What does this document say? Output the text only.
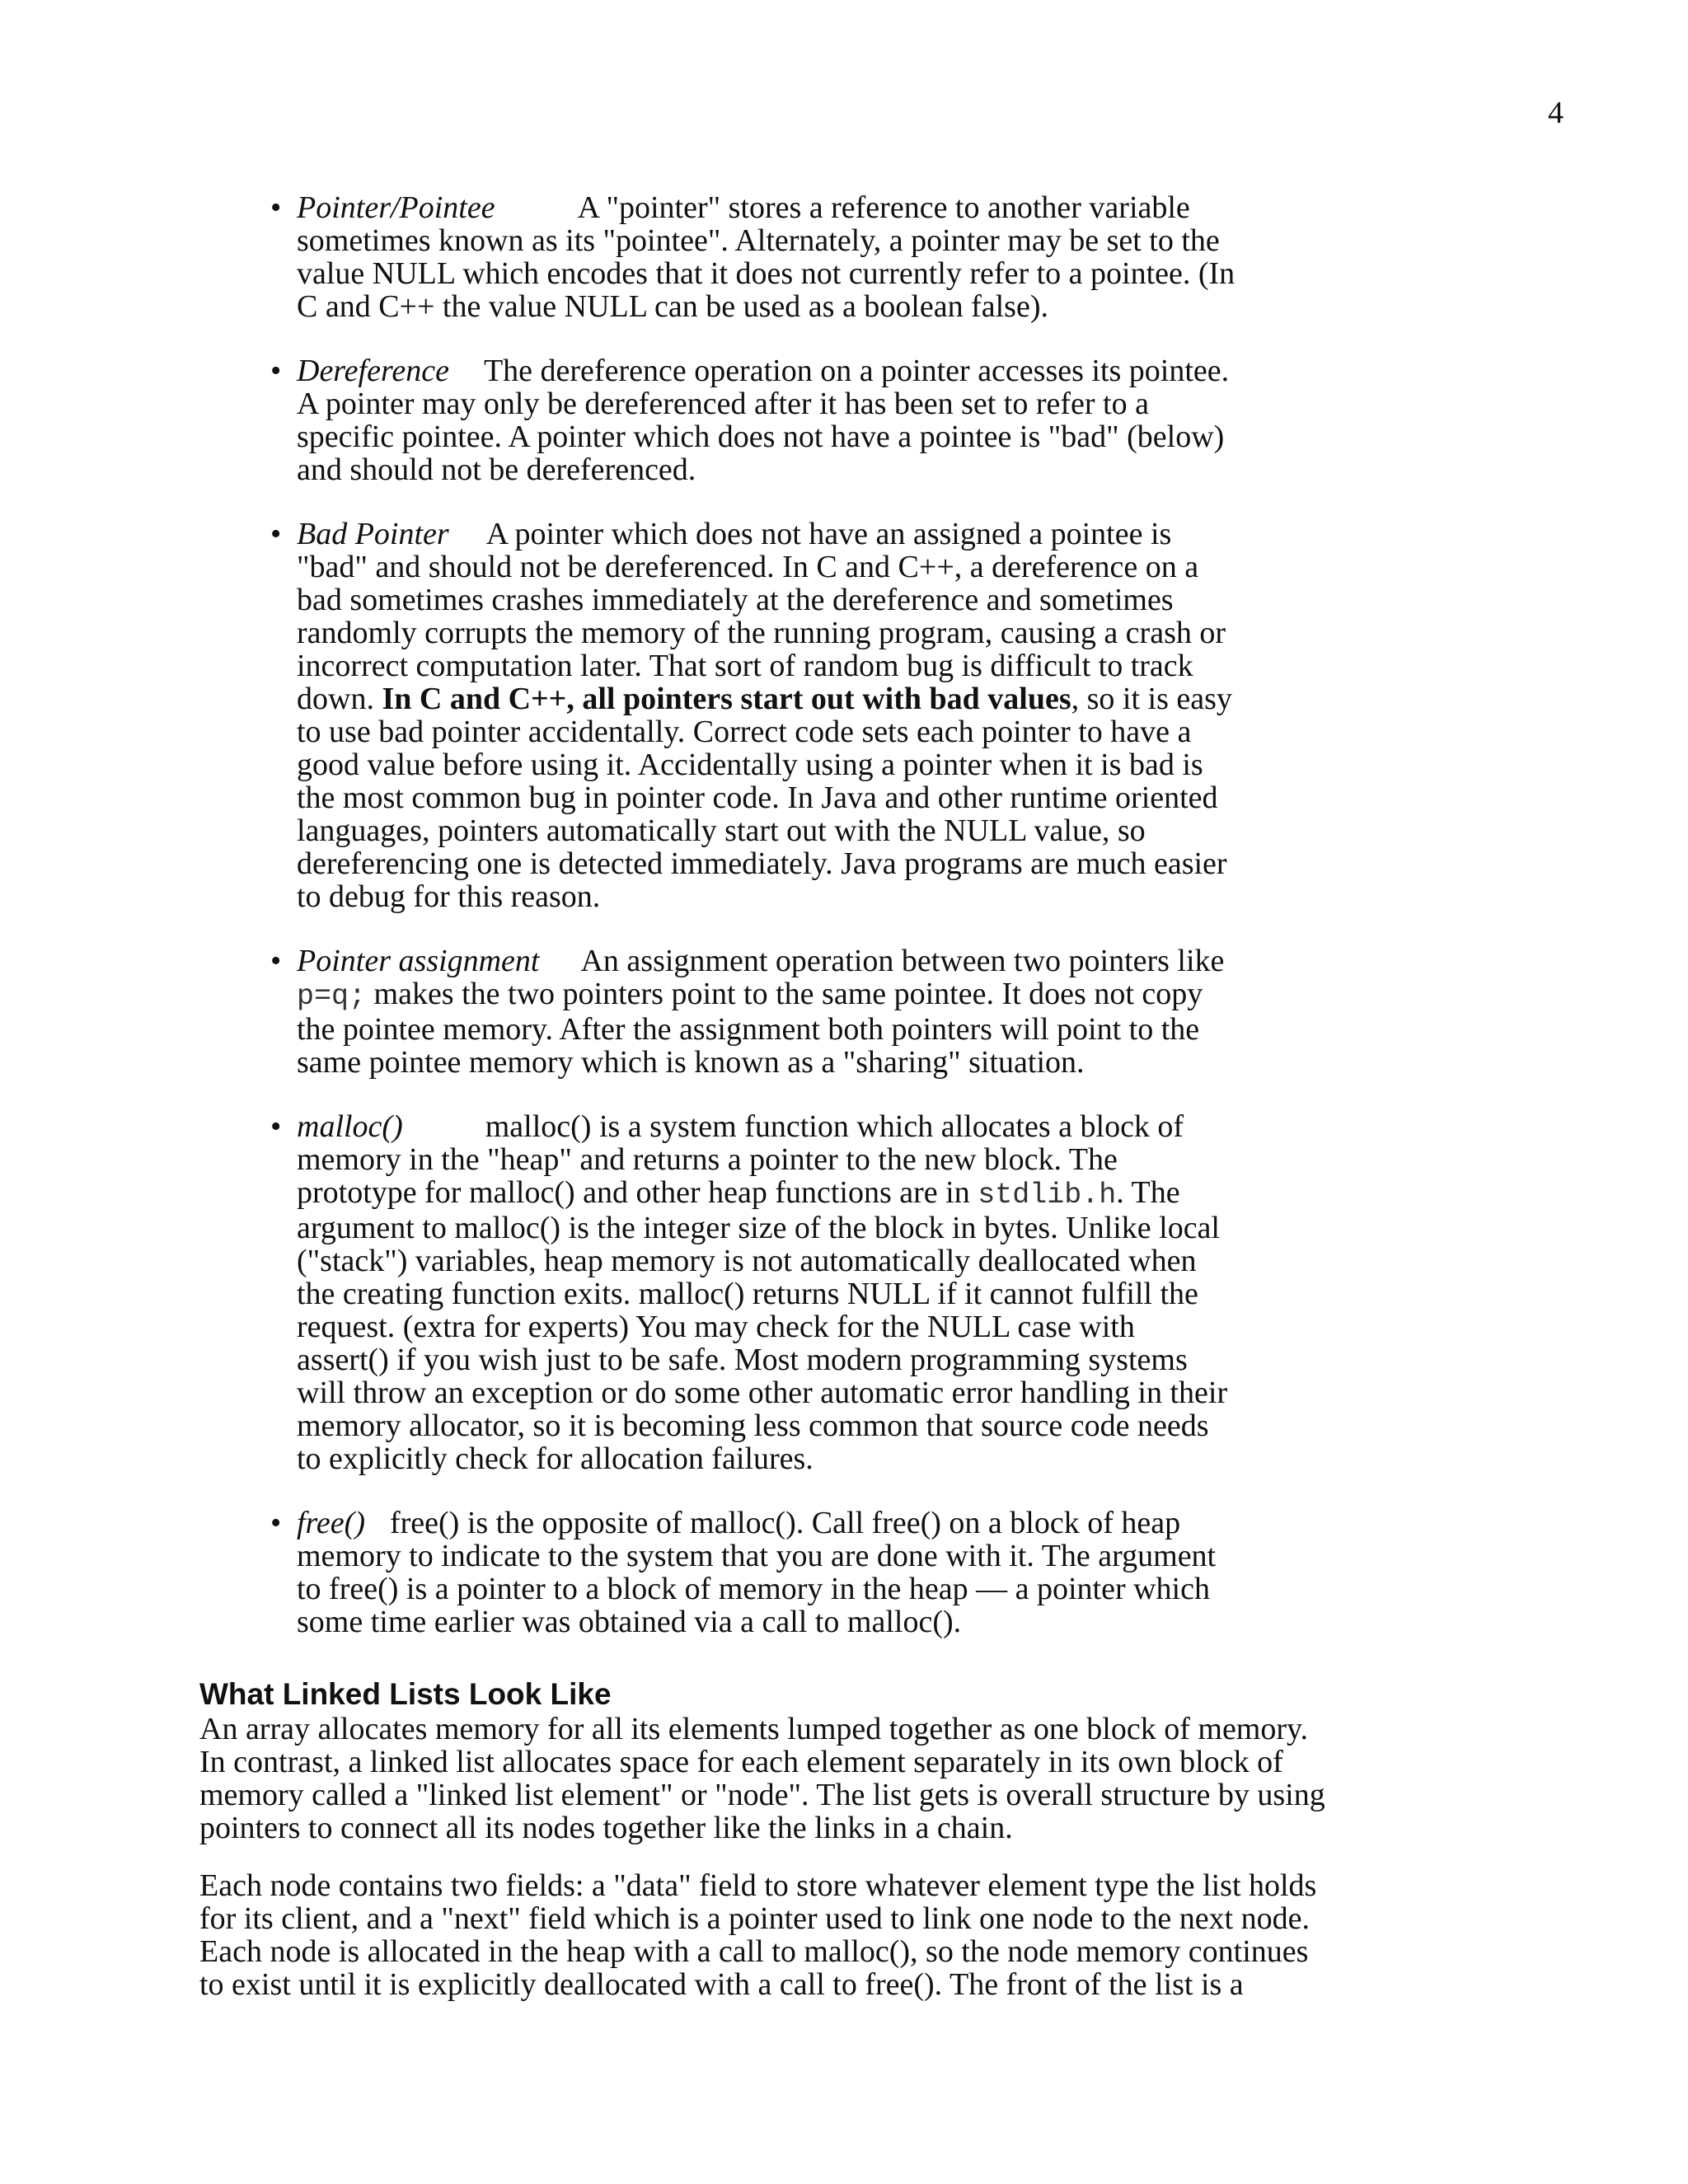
4
• Pointer/Pointee	A "pointer" stores a reference to another variable
sometimes known as its "pointee". Alternately, a pointer may be set to the
value NULL which encodes that it does not currently refer to a pointee. (In
C and C++ the value NULL can be used as a boolean false).
• Dereference The dereference operation on a pointer accesses its pointee.
A pointer may only be dereferenced after it has been set to refer to a
specific pointee. A pointer which does not have a pointee is "bad" (below)
and should not be dereferenced.
• Bad Pointer A pointer which does not have an assigned a pointee is
"bad" and should not be dereferenced. In C and C++, a dereference on a
bad sometimes crashes immediately at the dereference and sometimes
randomly corrupts the memory of the running program, causing a crash or
incorrect computation later. That sort of random bug is difficult to track
down. In C and C++, all pointers start out with bad values, so it is easy
to use bad pointer accidentally. Correct code sets each pointer to have a
good value before using it. Accidentally using a pointer when it is bad is
the most common bug in pointer code. In Java and other runtime oriented
languages, pointers automatically start out with the NULL value, so
dereferencing one is detected immediately. Java programs are much easier
to debug for this reason.
• Pointer assignment An assignment operation between two pointers like
p=q; makes the two pointers point to the same pointee. It does not copy
the pointee memory. After the assignment both pointers will point to the
same pointee memory which is known as a "sharing" situation.
• malloc()	malloc() is a system function which allocates a block of
memory in the "heap" and returns a pointer to the new block. The
prototype for malloc() and other heap functions are in stdlib.h. The
argument to malloc() is the integer size of the block in bytes. Unlike local
("stack") variables, heap memory is not automatically deallocated when
the creating function exits. malloc() returns NULL if it cannot fulfill the
request. (extra for experts) You may check for the NULL case with
assert() if you wish just to be safe. Most modern programming systems
will throw an exception or do some other automatic error handling in their
memory allocator, so it is becoming less common that source code needs
to explicitly check for allocation failures.
• free() free() is the opposite of malloc(). Call free() on a block of heap
memory to indicate to the system that you are done with it. The argument
to free() is a pointer to a block of memory in the heap — a pointer which
some time earlier was obtained via a call to malloc().
What Linked Lists Look Like

An array allocates memory for all its elements lumped together as one block of memory.
In contrast, a linked list allocates space for each element separately in its own block of
memory called a "linked list element" or "node". The list gets is overall structure by using
pointers to connect all its nodes together like the links in a chain.

Each node contains two fields: a "data" field to store whatever element type the list holds
for its client, and a "next" field which is a pointer used to link one node to the next node.
Each node is allocated in the heap with a call to malloc(), so the node memory continues
to exist until it is explicitly deallocated with a call to free(). The front of the list is a
